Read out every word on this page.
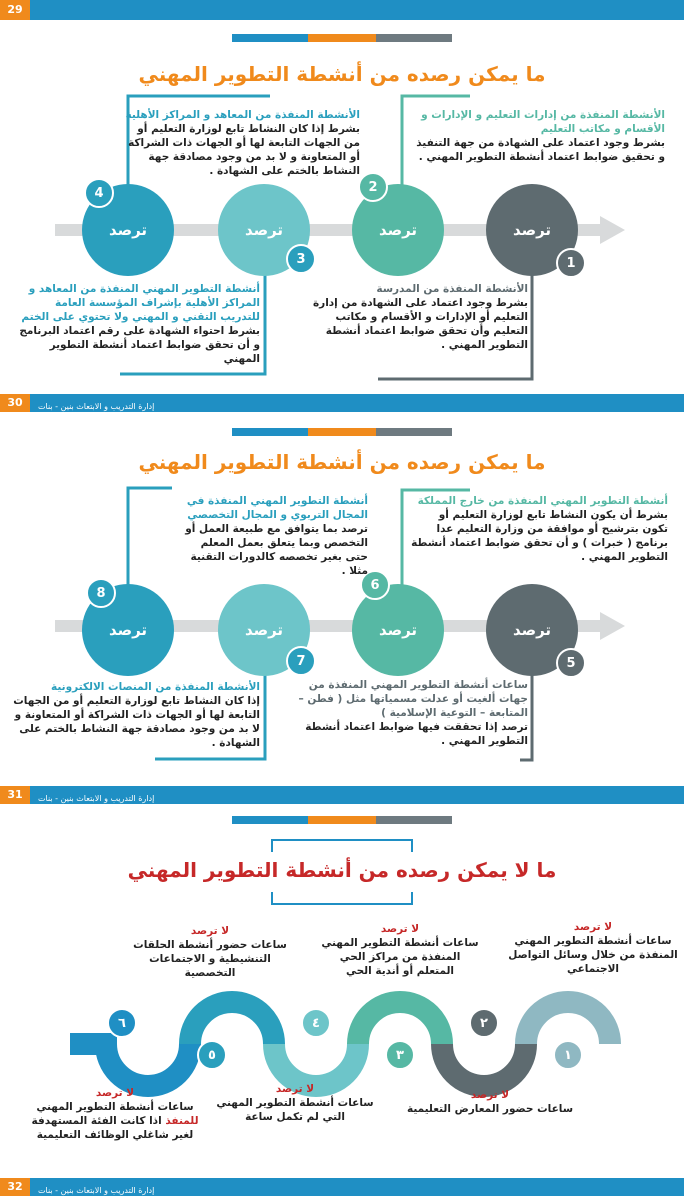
29
ما يمكن رصده من أنشطة التطوير المهني
ترصد	ترصد	ترصد	ترصد
4
3
2
1
الأنشطة المنفذة من المعاهد و المراكز الأهلية
بشرط إذا كان النشاط تابع لوزارة التعليم أو من الجهات التابعة لها أو الجهات ذات الشراكة أو المتعاونة و لا بد من وجود مصادقة جهة النشاط بالختم على الشهادة .
الأنشطة المنفذة من إدارات التعليم و الإدارات و الأقسام و مكاتب التعليم
بشرط وجود اعتماد على الشهادة من جهة التنفيذ و تحقيق ضوابط اعتماد أنشطة التطوير المهني .
أنشطة التطوير المهني المنفذة من المعاهد و المراكز الأهلية بإشراف المؤسسة العامة للتدريب التقني و المهني ولا تحتوي على الختم
بشرط احتواء الشهادة على رقم اعتماد البرنامج و أن تحقق ضوابط اعتماد أنشطة التطوير المهني
الأنشطة المنفذة من المدرسة
بشرط وجود اعتماد على الشهادة من إدارة التعليم أو الإدارات و الأقسام و مكاتب التعليم وأن تحقق ضوابط اعتماد أنشطة التطوير المهني .
30	إدارة التدريب و الابتعاث بنين - بنات
ما يمكن رصده من أنشطة التطوير المهني
ترصد	ترصد	ترصد	ترصد
8
7
6
5
أنشطة التطوير المهني المنفذة في المجال التربوي و المجال التخصصي
ترصد بما يتوافق مع طبيعة العمل أو التخصص وبما يتعلق بعمل المعلم حتى بغير تخصصه كالدورات التقنية مثلا .
أنشطة التطوير المهني المنفذة من خارج المملكة
بشرط أن يكون النشاط تابع لوزارة التعليم أو تكون بترشيح أو موافقة من وزارة التعليم عدا برنامج ( خبرات ) و أن تحقق ضوابط اعتماد أنشطة التطوير المهني .
الأنشطة المنفذة من المنصات الالكترونية
إذا كان النشاط تابع لوزارة التعليم أو من الجهات التابعة لها أو الجهات ذات الشراكة أو المتعاونة و لا بد من وجود مصادقة جهة النشاط بالختم على الشهادة .
ساعات أنشطة التطوير المهني المنفذة من جهات ألغيت أو عدلت مسمياتها مثل ( فطن – المتابعة – التوعية الإسلامية )
ترصد إذا تحققت فيها ضوابط اعتماد أنشطة التطوير المهني .
31	إدارة التدريب و الابتعاث بنين - بنات
ما لا يمكن رصده من أنشطة التطوير المهني
١
٢
٣
٤
٥
٦
لا ترصد
ساعات أنشطة التطوير المهني المنفذة من خلال وسائل التواصل الاجتماعي
لا ترصد
ساعات أنشطة التطوير المهني المنفذة من مراكز الحي المتعلم أو أندية الحي
لا ترصد
ساعات حضور أنشطة الحلقات التنشيطية و الاجتماعات التخصصية
لا ترصد
ساعات حضور المعارض التعليمية
لا ترصد
ساعات أنشطة التطوير المهني التي لم تكمل ساعة
لا ترصد
ساعات أنشطة التطوير المهني للمنفذ اذا كانت الفئة المستهدفة لغير شاغلي الوظائف التعليمية
32	إدارة التدريب و الابتعاث بنين - بنات
